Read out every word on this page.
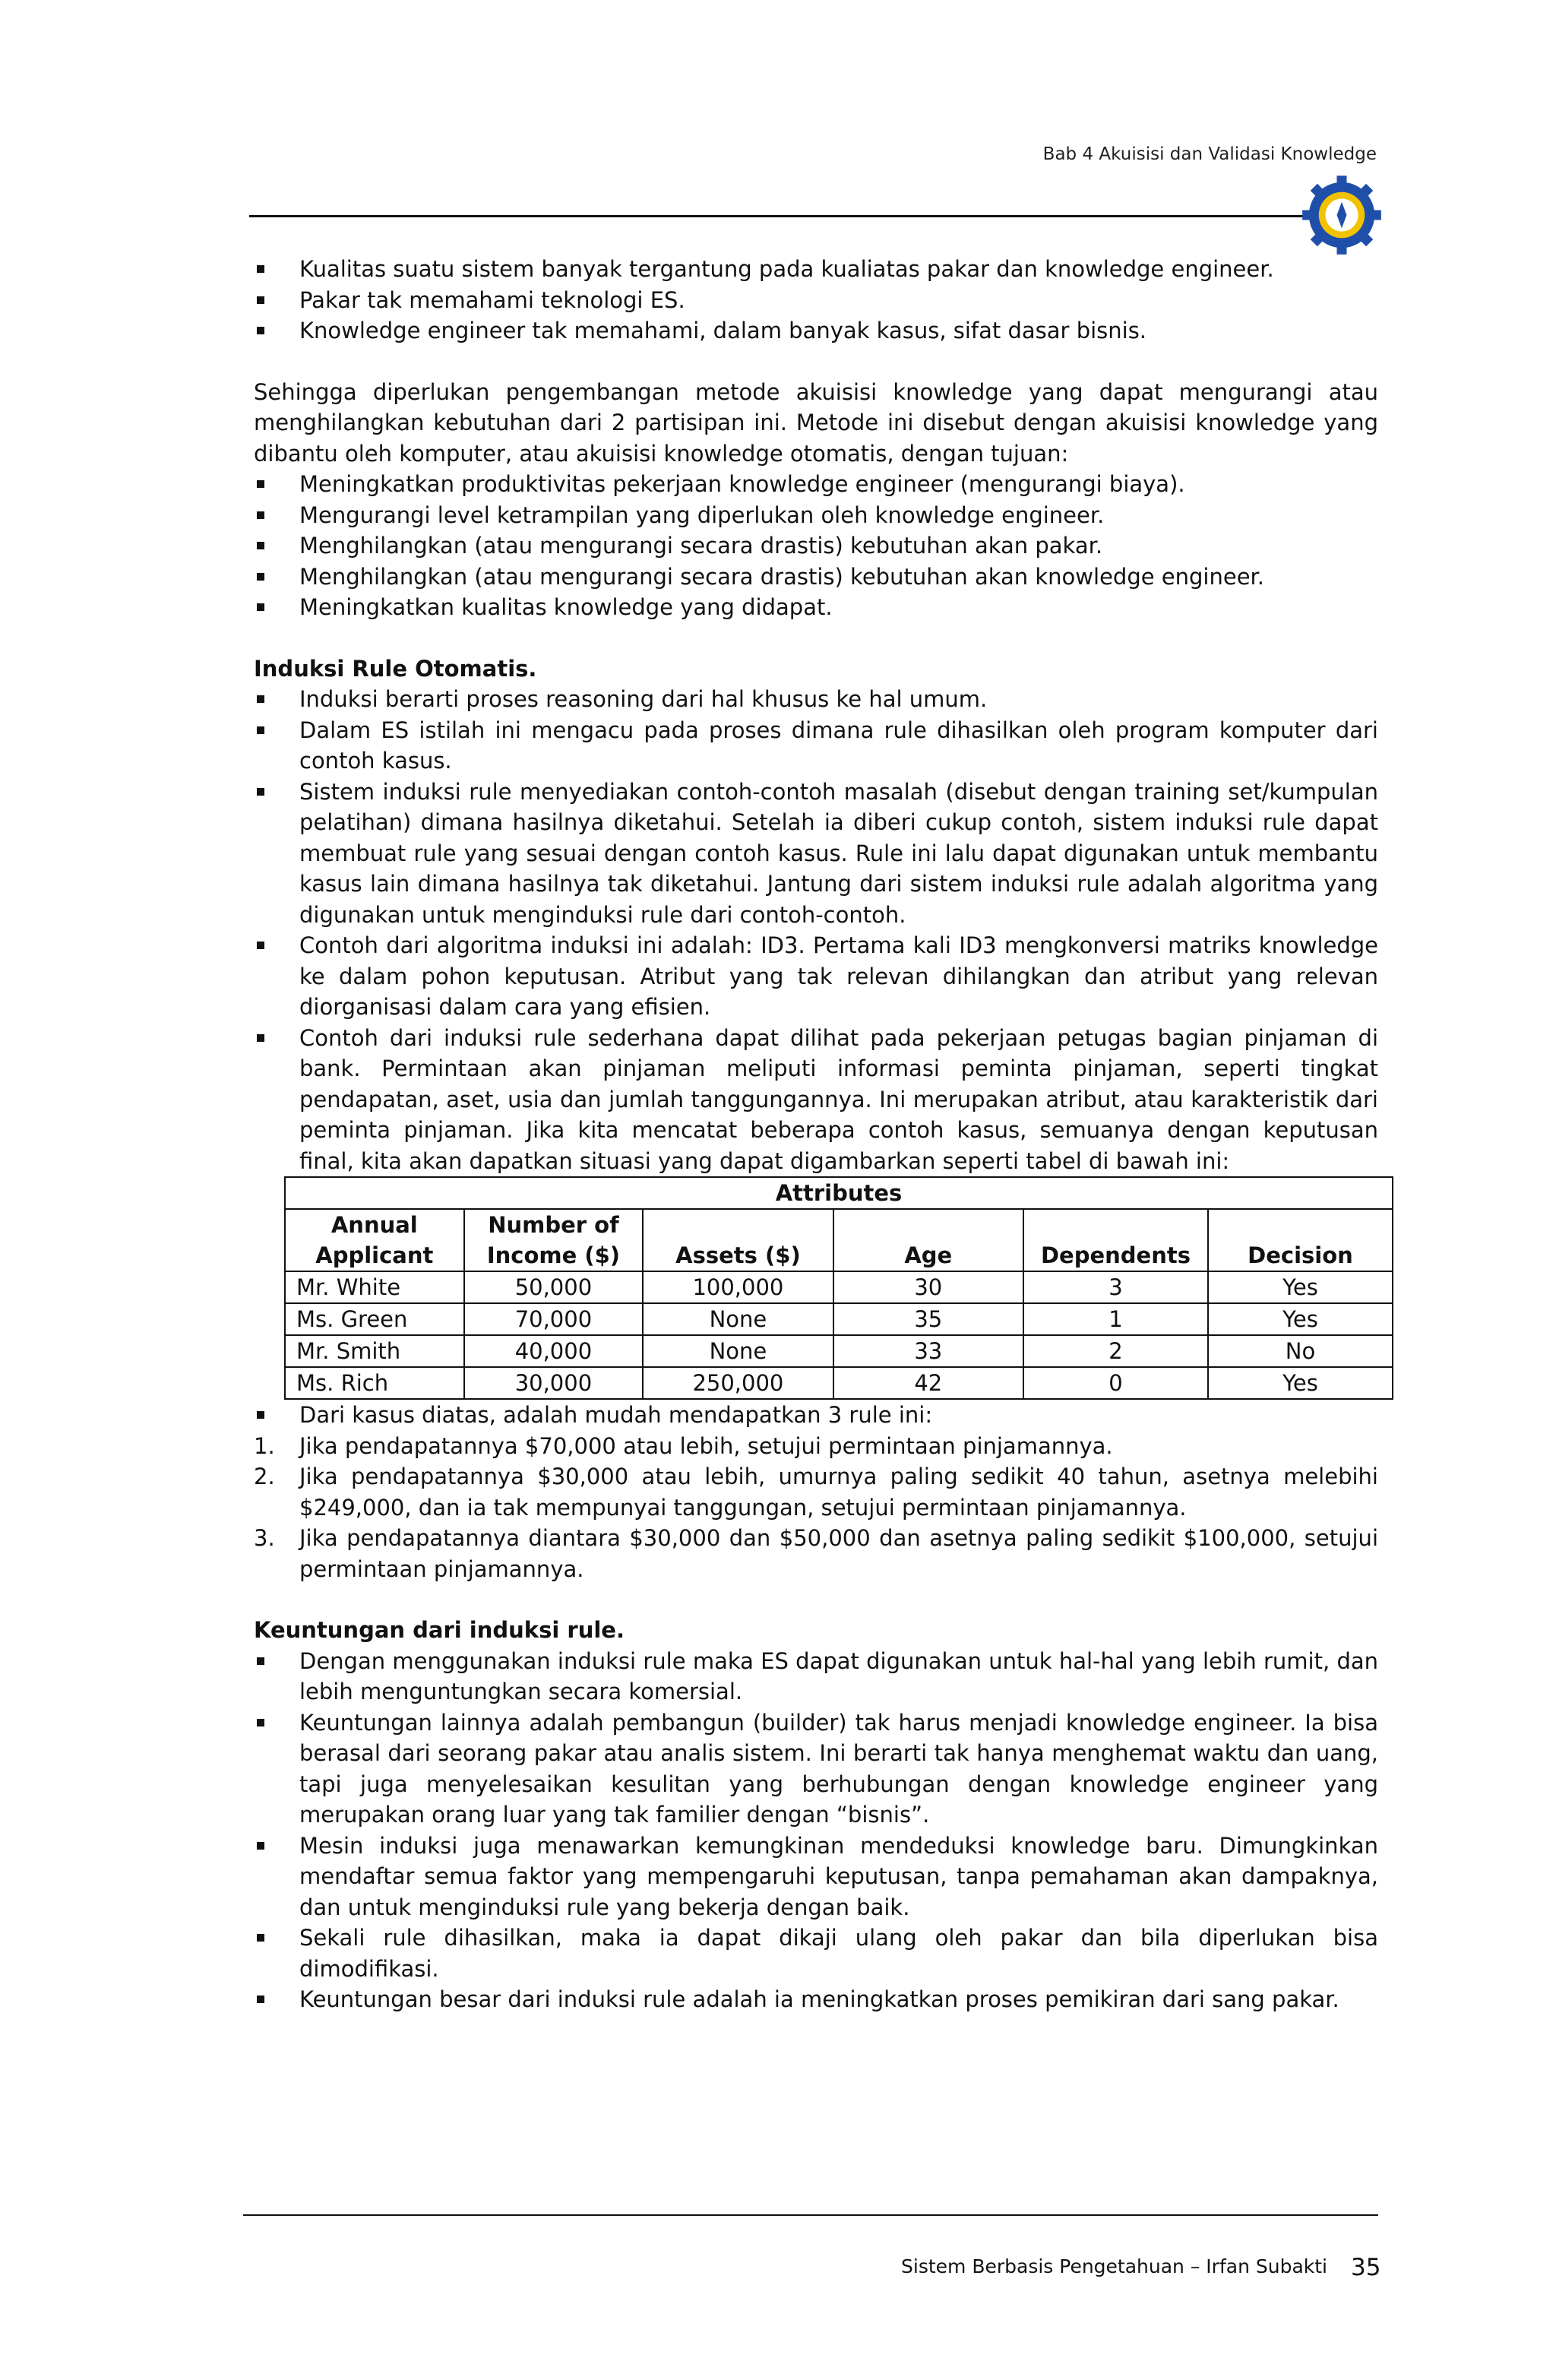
Bab 4 Akuisisi dan Validasi Knowledge
Kualitas suatu sistem banyak tergantung pada kualiatas pakar dan knowledge engineer.
Pakar tak memahami teknologi ES.
Knowledge engineer tak memahami, dalam banyak kasus, sifat dasar bisnis.

Sehingga diperlukan pengembangan metode akuisisi knowledge yang dapat mengurangi atau menghilangkan kebutuhan dari 2 partisipan ini. Metode ini disebut dengan akuisisi knowledge yang dibantu oleh komputer, atau akuisisi knowledge otomatis, dengan tujuan:

Meningkatkan produktivitas pekerjaan knowledge engineer (mengurangi biaya).
Mengurangi level ketrampilan yang diperlukan oleh knowledge engineer.
Menghilangkan (atau mengurangi secara drastis) kebutuhan akan pakar.
Menghilangkan (atau mengurangi secara drastis) kebutuhan akan knowledge engineer.
Meningkatkan kualitas knowledge yang didapat.
Induksi Rule Otomatis.
Induksi berarti proses reasoning dari hal khusus ke hal umum.
Dalam ES istilah ini mengacu pada proses dimana rule dihasilkan oleh program komputer dari contoh kasus.
Sistem induksi rule menyediakan contoh-contoh masalah (disebut dengan training set/kumpulan pelatihan) dimana hasilnya diketahui. Setelah ia diberi cukup contoh, sistem induksi rule dapat membuat rule yang sesuai dengan contoh kasus. Rule ini lalu dapat digunakan untuk membantu kasus lain dimana hasilnya tak diketahui. Jantung dari sistem induksi rule adalah algoritma yang digunakan untuk menginduksi rule dari contoh-contoh.
Contoh dari algoritma induksi ini adalah: ID3. Pertama kali ID3 mengkonversi matriks knowledge ke dalam pohon keputusan. Atribut yang tak relevan dihilangkan dan atribut yang relevan diorganisasi dalam cara yang efisien.
Contoh dari induksi rule sederhana dapat dilihat pada pekerjaan petugas bagian pinjaman di bank. Permintaan akan pinjaman meliputi informasi peminta pinjaman, seperti tingkat pendapatan, aset, usia dan jumlah tanggungannya. Ini merupakan atribut, atau karakteristik dari peminta pinjaman. Jika kita mencatat beberapa contoh kasus, semuanya dengan keputusan final, kita akan dapatkan situasi yang dapat digambarkan seperti tabel di bawah ini:
Attributes					
Annual Applicant	Number of Income ($)	Assets ($)	Age	Dependents	Decision
Mr. White	50,000	100,000	30	3	Yes
Ms. Green	70,000	None	35	1	Yes
Mr. Smith	40,000	None	33	2	No
Ms. Rich	30,000	250,000	42	0	Yes
Dari kasus diatas, adalah mudah mendapatkan 3 rule ini:
1. Jika pendapatannya $70,000 atau lebih, setujui permintaan pinjamannya.
2. Jika pendapatannya $30,000 atau lebih, umurnya paling sedikit 40 tahun, asetnya melebihi $249,000, dan ia tak mempunyai tanggungan, setujui permintaan pinjamannya.
3. Jika pendapatannya diantara $30,000 dan $50,000 dan asetnya paling sedikit $100,000, setujui permintaan pinjamannya.
Keuntungan dari induksi rule.
Dengan menggunakan induksi rule maka ES dapat digunakan untuk hal-hal yang lebih rumit, dan lebih menguntungkan secara komersial.
Keuntungan lainnya adalah pembangun (builder) tak harus menjadi knowledge engineer. Ia bisa berasal dari seorang pakar atau analis sistem. Ini berarti tak hanya menghemat waktu dan uang, tapi juga menyelesaikan kesulitan yang berhubungan dengan knowledge engineer yang merupakan orang luar yang tak familier dengan “bisnis”.
Mesin induksi juga menawarkan kemungkinan mendeduksi knowledge baru. Dimungkinkan mendaftar semua faktor yang mempengaruhi keputusan, tanpa pemahaman akan dampaknya, dan untuk menginduksi rule yang bekerja dengan baik.
Sekali rule dihasilkan, maka ia dapat dikaji ulang oleh pakar dan bila diperlukan bisa dimodifikasi.
Keuntungan besar dari induksi rule adalah ia meningkatkan proses pemikiran dari sang pakar.
Sistem Berbasis Pengetahuan – Irfan Subakti 35
